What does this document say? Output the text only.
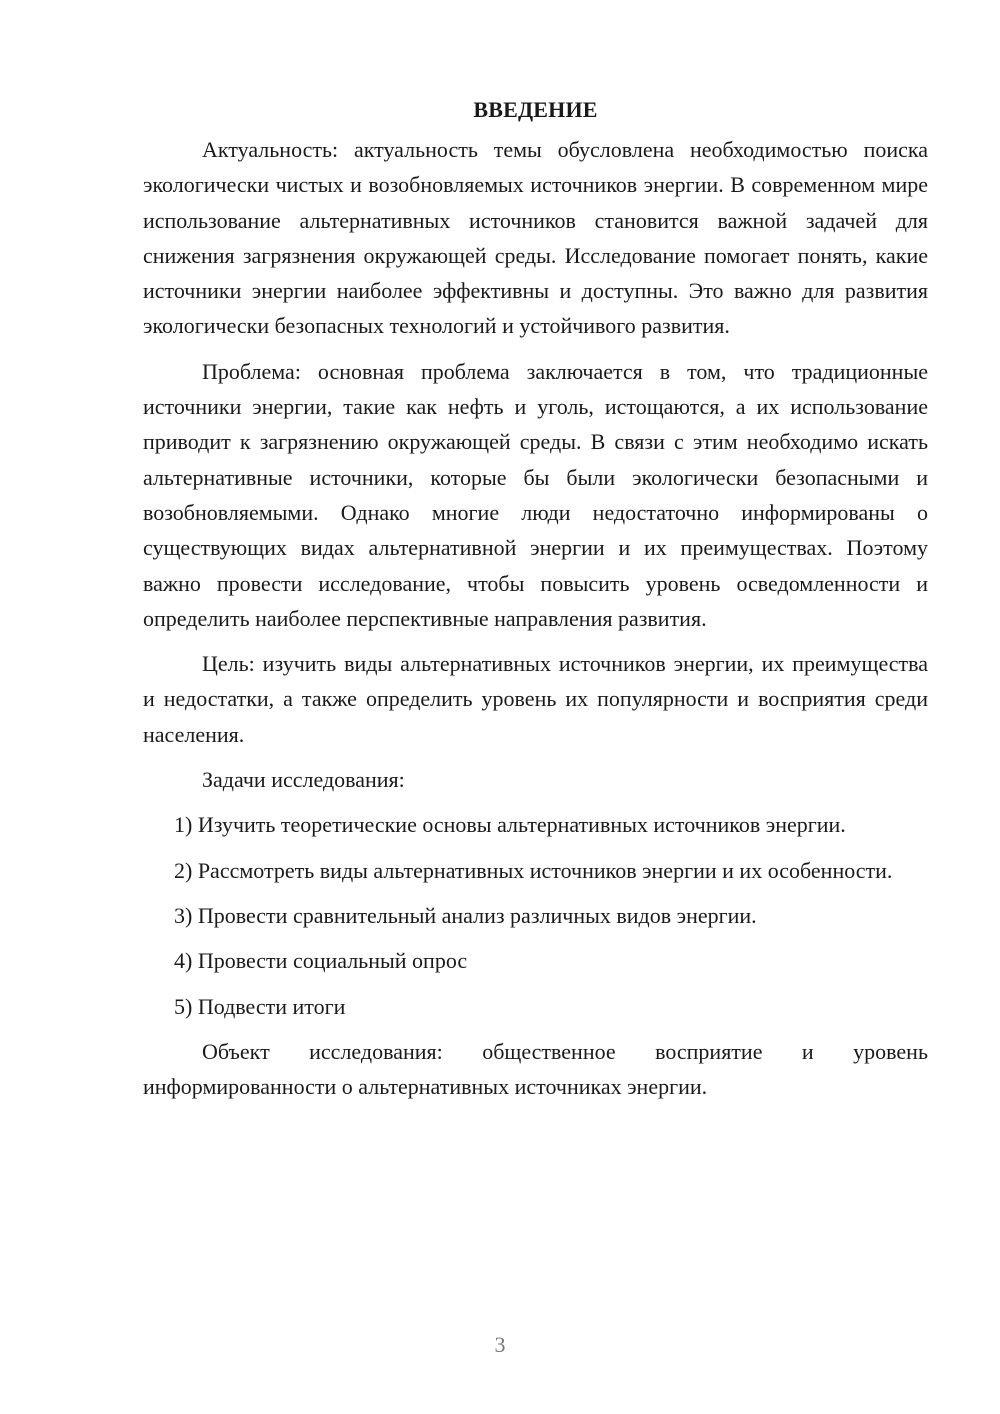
ВВЕДЕНИЕ

Актуальность: актуальность темы обусловлена необходимостью поиска экологически чистых и возобновляемых источников энергии. В современном мире использование альтернативных источников становится важной задачей для снижения загрязнения окружающей среды. Исследование помогает понять, какие источники энергии наиболее эффективны и доступны. Это важно для развития экологически безопасных технологий и устойчивого развития.

Проблема: основная проблема заключается в том, что традиционные источники энергии, такие как нефть и уголь, истощаются, а их использование приводит к загрязнению окружающей среды. В связи с этим необходимо искать альтернативные источники, которые бы были экологически безопасными и возобновляемыми. Однако многие люди недостаточно информированы о существующих видах альтернативной энергии и их преимуществах. Поэтому важно провести исследование, чтобы повысить уровень осведомленности и определить наиболее перспективные направления развития.

Цель: изучить виды альтернативных источников энергии, их преимущества и недостатки, а также определить уровень их популярности и восприятия среди населения.

Задачи исследования:

1) Изучить теоретические основы альтернативных источников энергии.

2) Рассмотреть виды альтернативных источников энергии и их особенности.

3) Провести сравнительный анализ различных видов энергии.

4) Провести социальный опрос

5) Подвести итоги

Объект исследования: общественное восприятие и уровень информированности о альтернативных источниках энергии.

3
